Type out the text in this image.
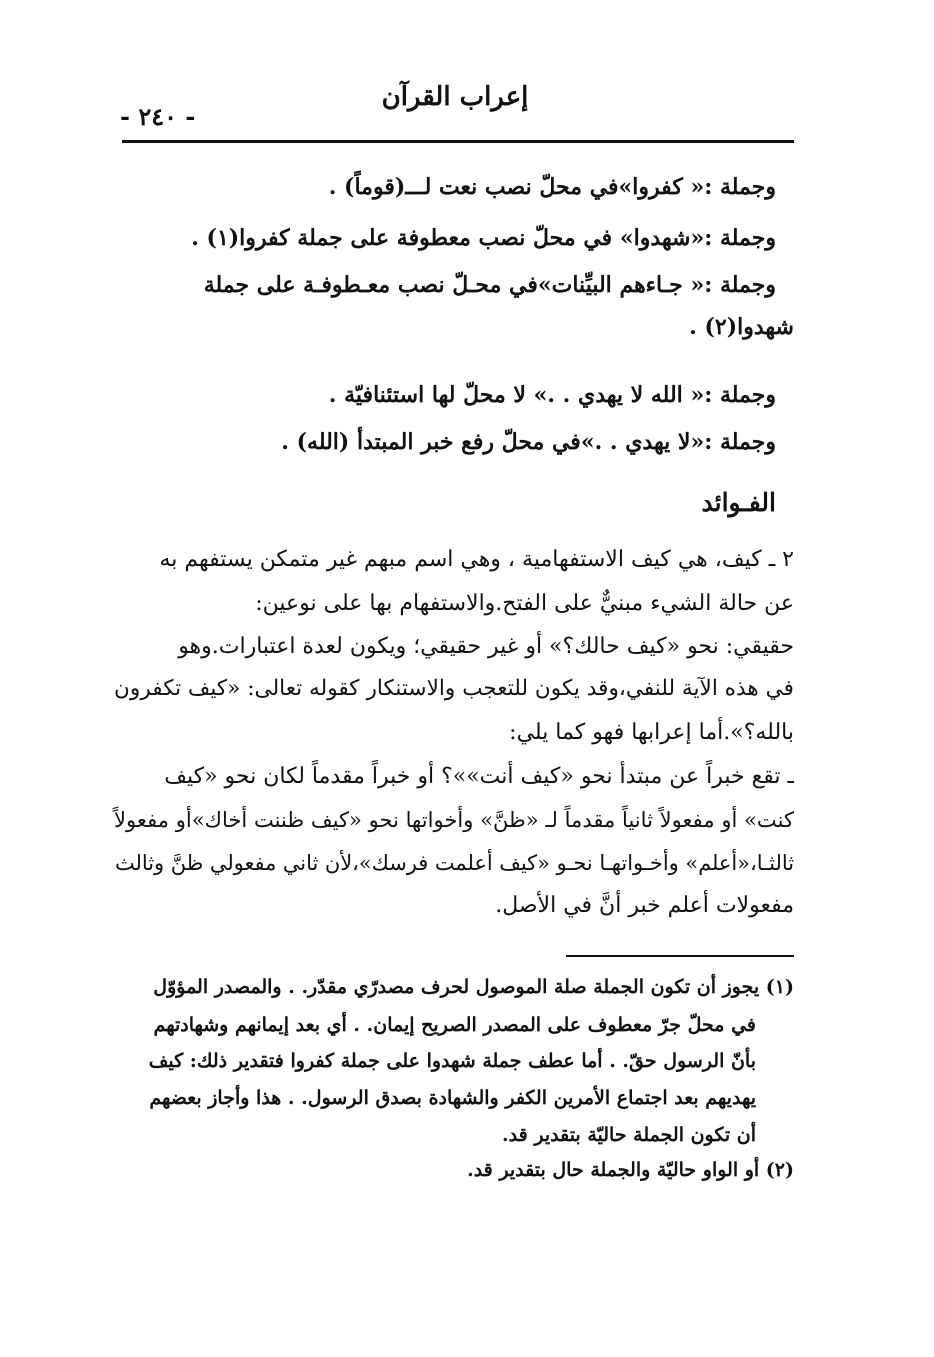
إعراب القرآن
- ٢٤٠ -
وجملة :« كفروا»في محلّ نصب نعت لـــ(قوماً) .
وجملة :«شهدوا» في محلّ نصب معطوفة على جملة كفروا(١) .
وجملة :« جـاءهم البيِّنات»في محـلّ نصب معـطوفـة على جملة
شهدوا(٢) .
وجملة :« الله لا يهدي . .» لا محلّ لها استئنافيّة .
وجملة :«لا يهدي . .»في محلّ رفع خبر المبتدأ (الله) .
الفـوائد
٢ ـ كيف، هي كيف الاستفهامية ، وهي اسم مبهم غير متمكن يستفهم به
عن حالة الشيء مبنيٌّ على الفتح.والاستفهام بها على نوعين:
حقيقي: نحو «كيف حالك؟» أو غير حقيقي؛ ويكون لعدة اعتبارات.وهو
في هذه الآية للنفي،وقد يكون للتعجب والاستنكار كقوله تعالى: «كيف تكفرون
بالله؟».أما إعرابها فهو كما يلي:
ـ تقع خبراً عن مبتدأ نحو «كيف أنت»»؟ أو خبراً مقدماً لكان نحو «كيف
كنت» أو مفعولاً ثانياً مقدماً لـ «ظنَّ» وأخواتها نحو «كيف ظننت أخاك»أو مفعولاً
ثالثـا،«أعلم» وأخـواتهـا نحـو «كيف أعلمت فرسك»،لأن ثاني مفعولي ظنَّ وثالث
مفعولات أعلم خبر أنَّ في الأصل.
(١) يجوز أن تكون الجملة صلة الموصول لحرف مصدرّي مقدّر. . والمصدر المؤوّل
في محلّ جرّ معطوف على المصدر الصريح إيمان. . أي بعد إيمانهم وشهادتهم
بأنّ الرسول حقّ. . أما عطف جملة شهدوا على جملة كفروا فتقدير ذلك: كيف
يهديهم بعد اجتماع الأمرين الكفر والشهادة بصدق الرسول. . هذا وأجاز بعضهم
أن تكون الجملة حاليّة بتقدير قد.
(٢) أو الواو حاليّة والجملة حال بتقدير قد.
